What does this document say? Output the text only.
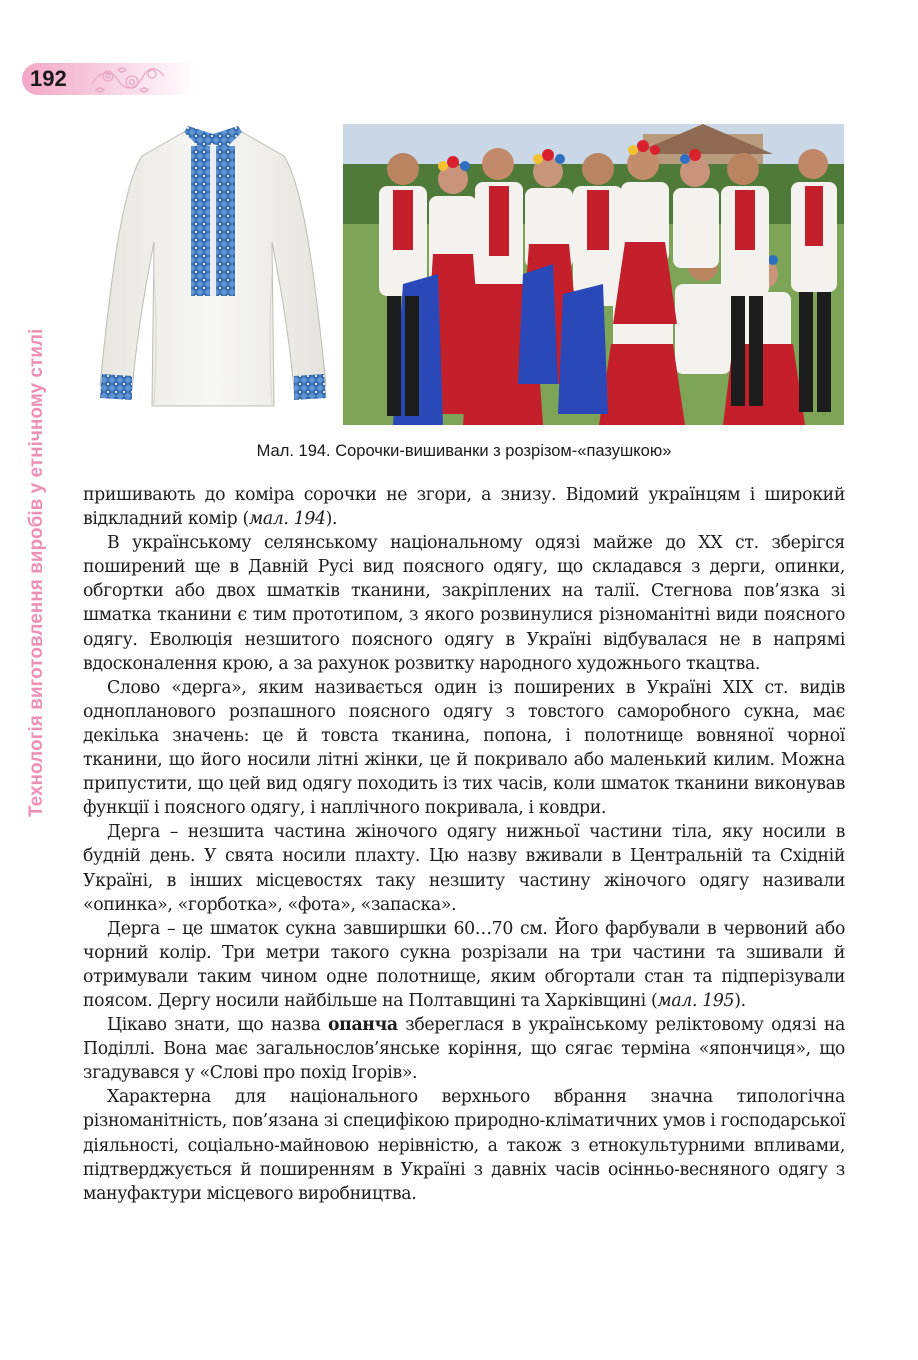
192
Технологія виготовлення виробів у етнічному стилі	Мал. 194. Сорочки-вишиванки з розрізом-«пазушкою»

пришивають до коміра сорочки не згори, а знизу. Відомий українцям і широкий відкладний комір (мал. 194).

В українському селянському національному одязі майже до XX ст. зберігся поширений ще в Давній Русі вид поясного одягу, що складався з дерги, опинки, обгортки або двох шматків тканини, закріплених на талії. Стегнова пов’язка зі шматка тканини є тим прототипом, з якого розвинулися різноманітні види поясного одягу. Еволюція незшитого поясного одягу в Україні відбувалася не в напрямі вдосконалення крою, а за рахунок розвитку народного художнього ткацтва.

Слово «дерга», яким називається один із поширених в Україні XIX ст. видів однопланового розпашного поясного одягу з товстого саморобного сукна, має декілька значень: це й товста тканина, попона, і полотнище вовняної чорної тканини, що його носили літні жінки, це й покривало або маленький килим. Можна припустити, що цей вид одягу походить із тих часів, коли шматок тканини виконував функції і поясного одягу, і наплічного покривала, і ковдри.

Дерга – незшита частина жіночого одягу нижньої частини тіла, яку носили в будній день. У свята носили плахту. Цю назву вживали в Центральній та Східній Україні, в інших місцевостях таку незшиту частину жіночого одягу називали «опинка», «горботка», «фота», «запаска».

Дерга – це шматок сукна завширшки 60…70 см. Його фарбували в червоний або чорний колір. Три метри такого сукна розрізали на три частини та зшивали й отримували таким чином одне полотнище, яким обгортали стан та підперізували поясом. Дергу носили найбільше на Полтавщині та Харківщині (мал. 195).

Цікаво знати, що назва опанча збереглася в українському реліктовому одязі на Поділлі. Вона має загальнослов’янське коріння, що сягає терміна «япончиця», що згадувався у «Слові про похід Ігорів».

Характерна для національного верхнього вбрання значна типологічна різноманітність, пов’язана зі специфікою природно-кліматичних умов і господарської діяльності, соціально-майновою нерівністю, а також з етнокультурними впливами, підтверджується й поширенням в Україні з давніх часів осінньо-весняного одягу з мануфактури місцевого виробництва.
